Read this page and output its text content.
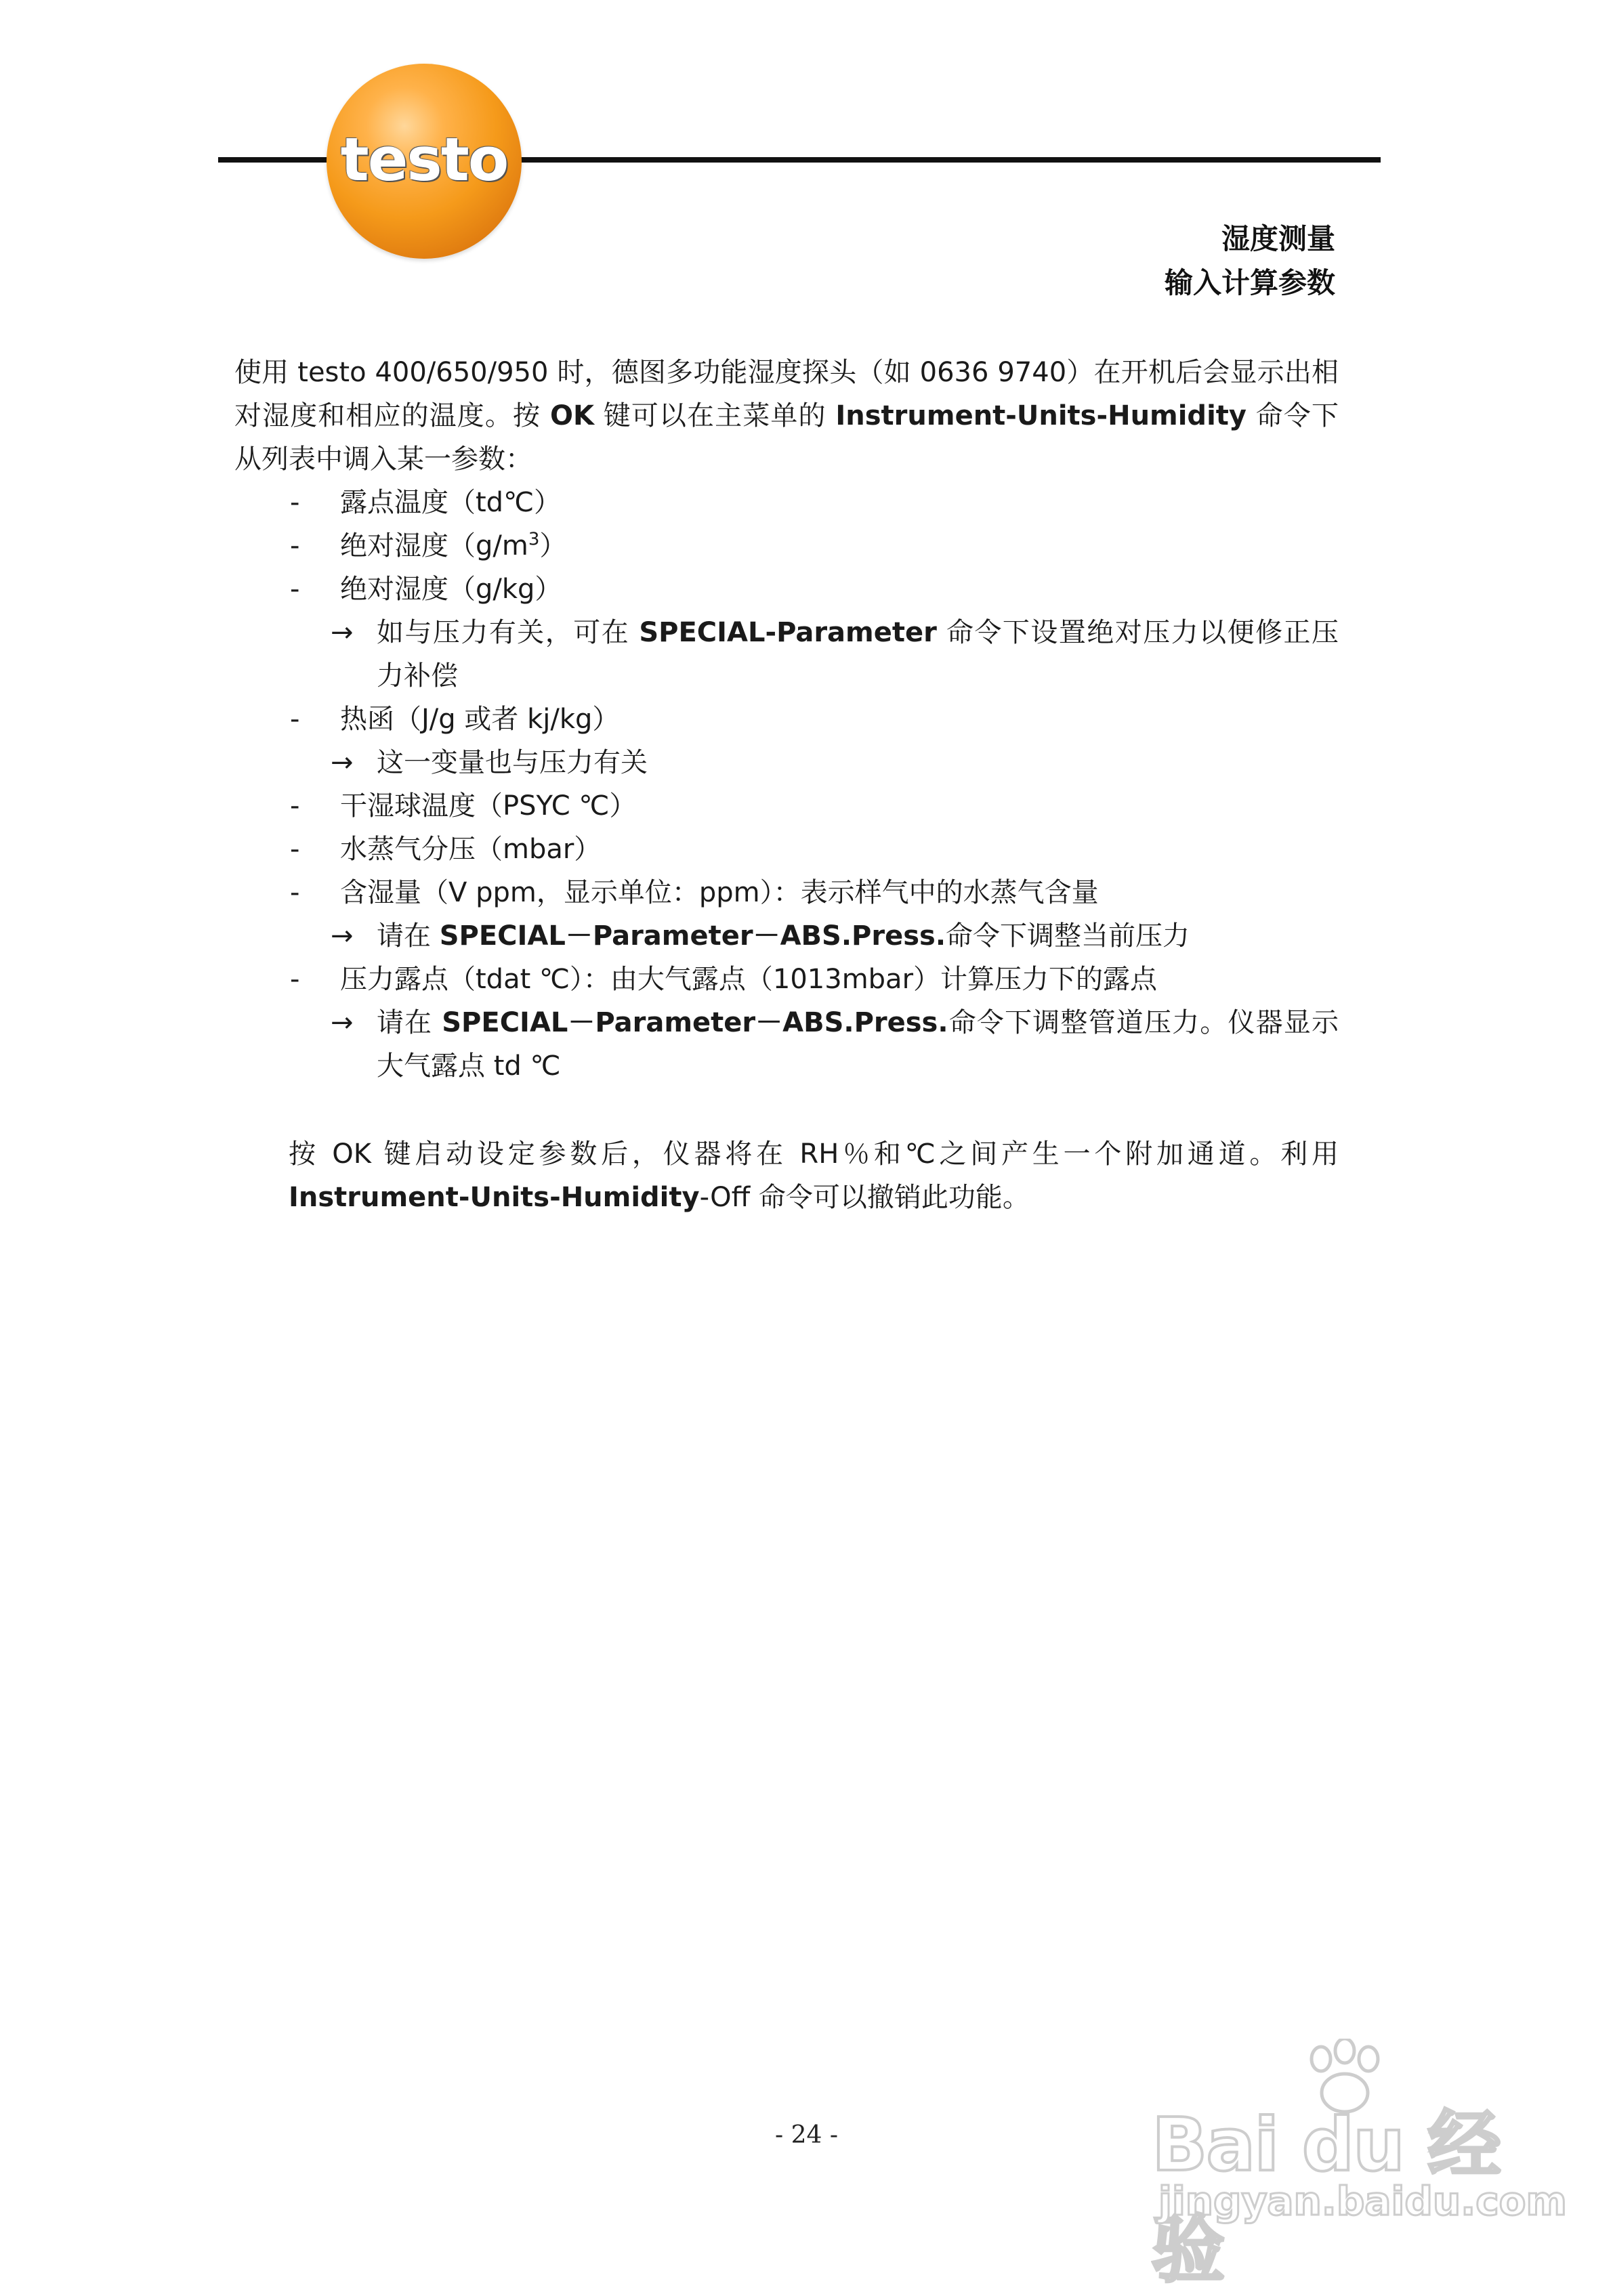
testo
湿度测量
输入计算参数
使用 testo 400/650/950 时，德图多功能湿度探头（如 0636 9740）在开机后会显示出相对湿度和相应的温度。按 OK 键可以在主菜单的 Instrument-Units-Humidity 命令下从列表中调入某一参数：
- 露点温度（td℃）
- 绝对湿度$(g/m^3)$
- 绝对湿度（g/kg）
→ 如与压力有关，可在 SPECIAL-Parameter 命令下设置绝对压力以便修正压力补偿
- 热函（J/g 或者 kj/kg）
→ 这一变量也与压力有关
- 干湿球温度（PSYC ℃）
- 水蒸气分压（mbar）
- 含湿量（V ppm，显示单位：ppm）：表示样气中的水蒸气含量
→ 请在 SPECIAL－Parameter－ABS.Press.命令下调整当前压力
- 压力露点（tdat ℃）：由大气露点（1013mbar）计算压力下的露点
→ 请在 SPECIAL－Parameter－ABS.Press.命令下调整管道压力。仪器显示大气露点 td ℃
按 OK 键启动设定参数后，仪器将在 RH％和℃之间产生一个附加通道。利用 Instrument-Units-Humidity-Off 命令可以撤销此功能。
- 24 -	Bai du 经验
jingyan.baidu.com
